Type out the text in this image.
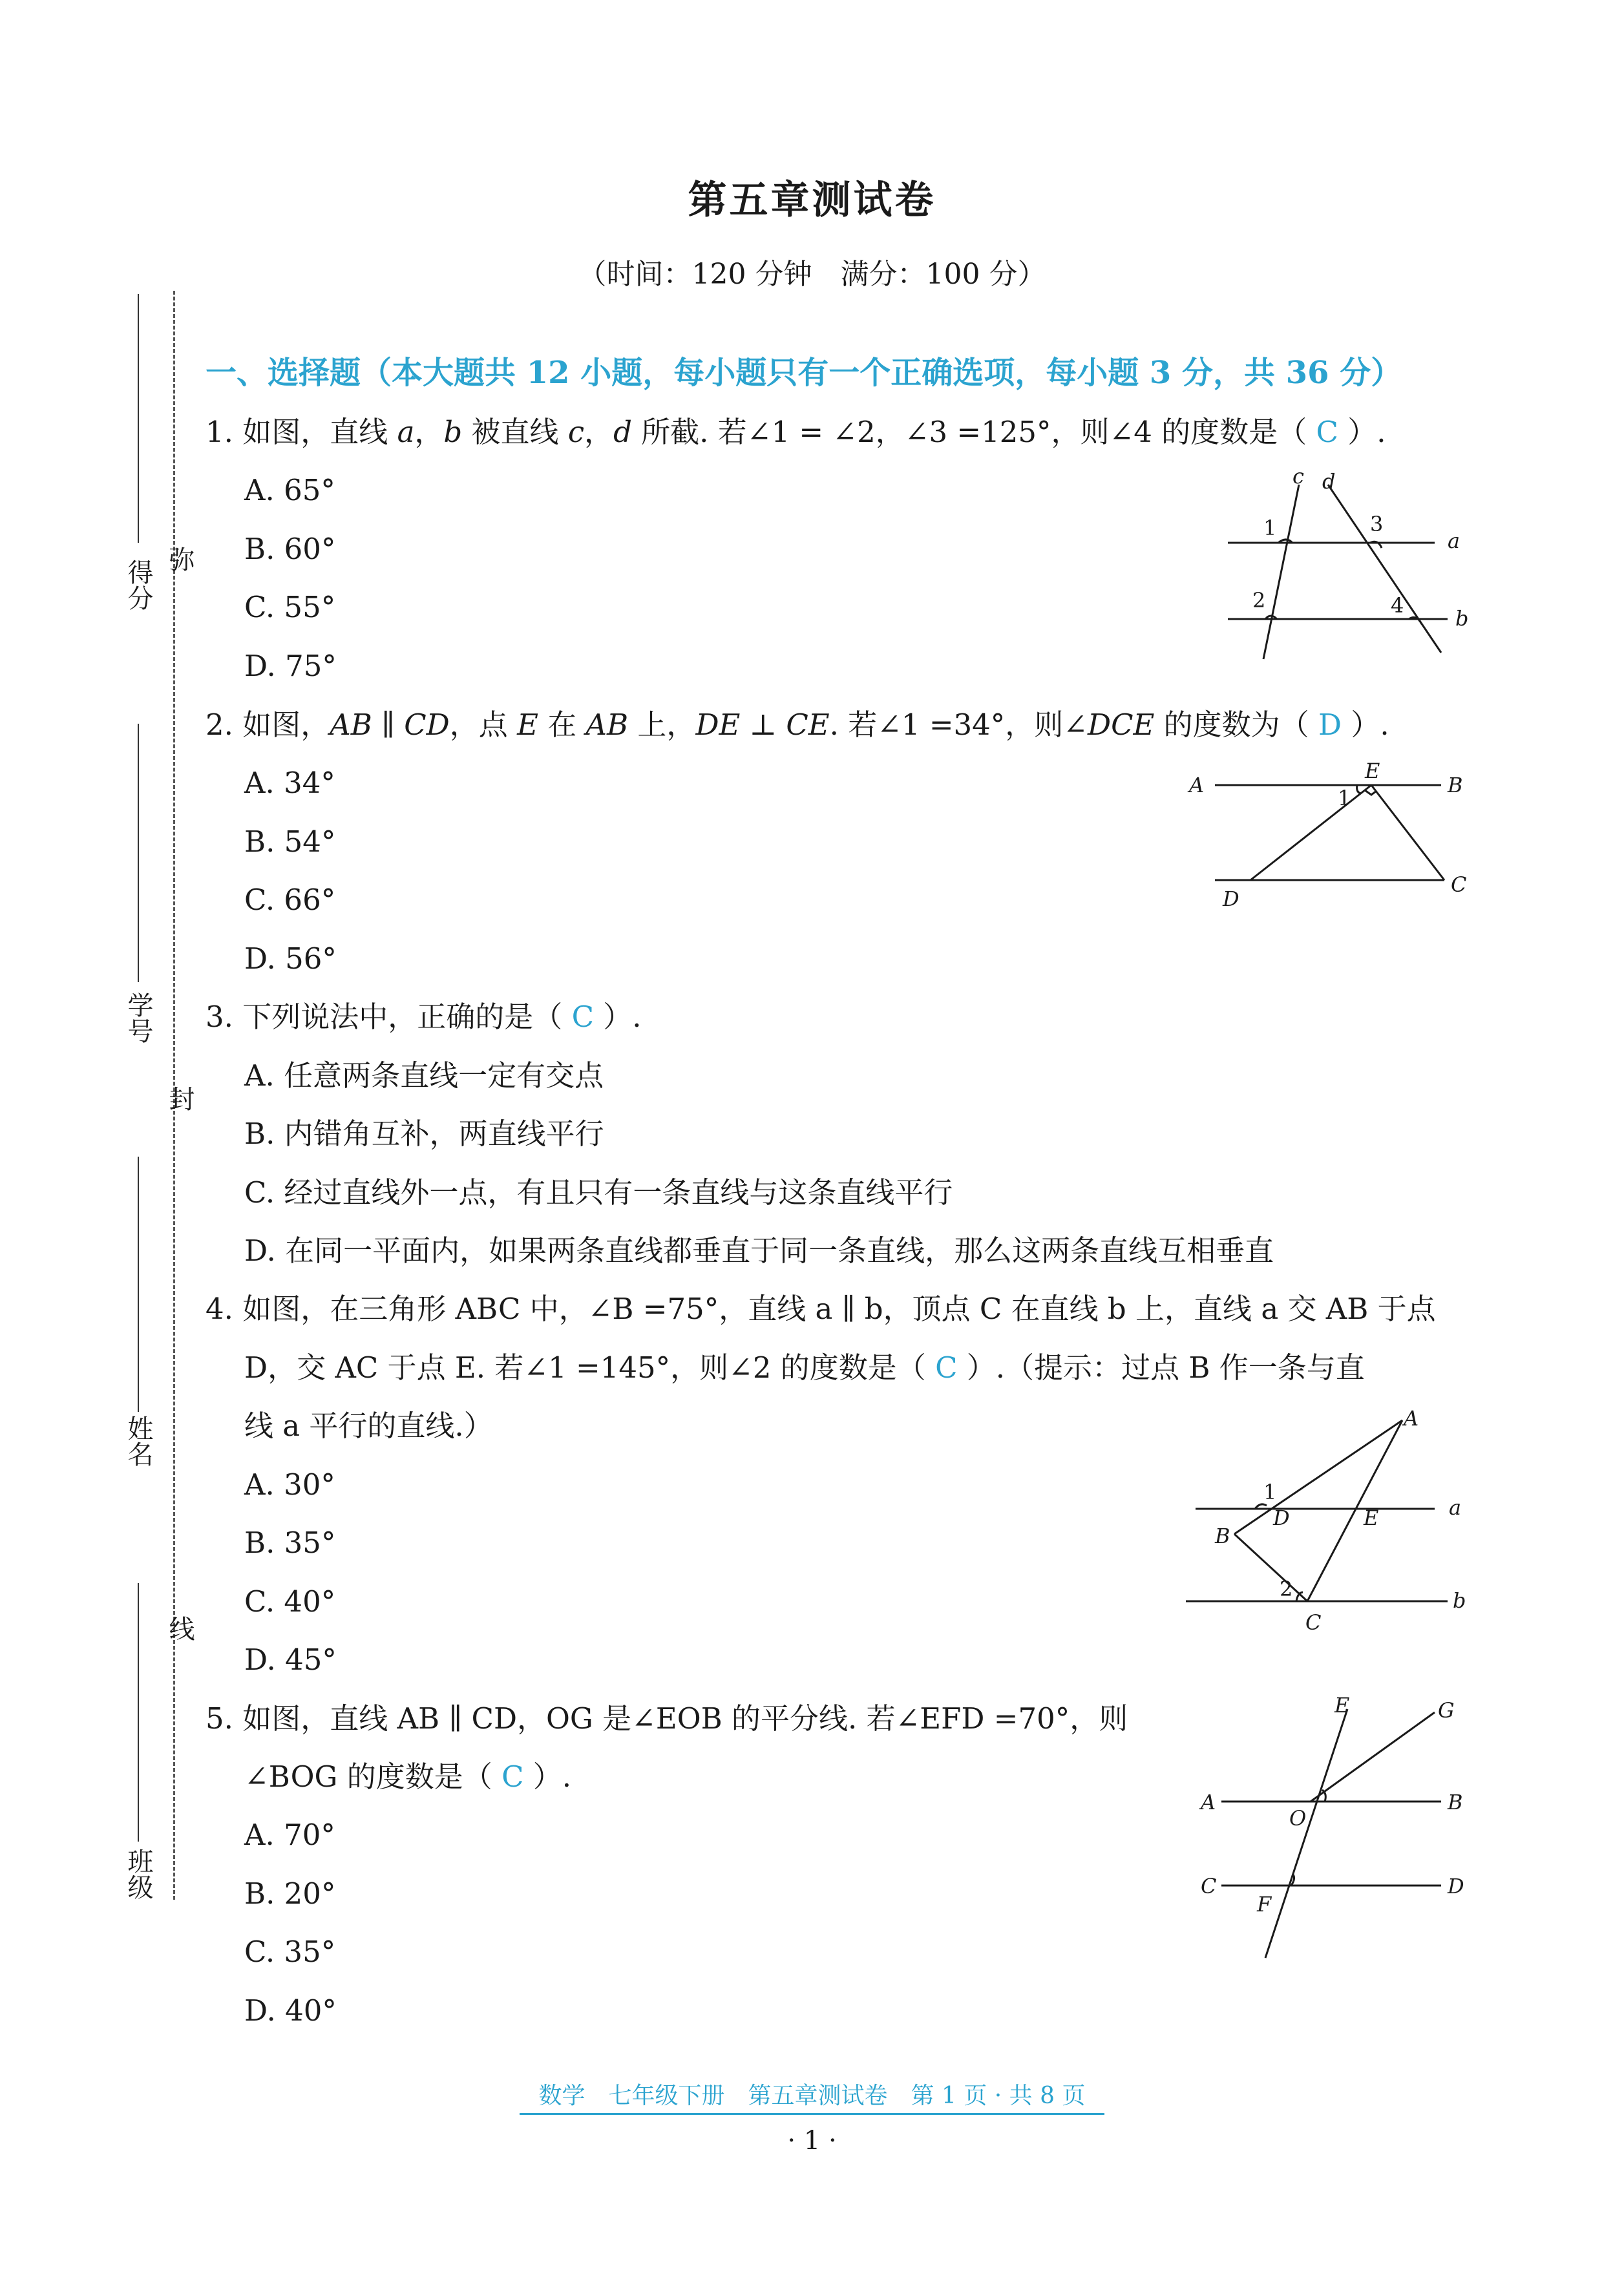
第五章测试卷
（时间：120 分钟　满分：100 分）
得分 弥
学号
封
姓名
线
班级
一、选择题（本大题共 12 小题，每小题只有一个正确选项，每小题 3 分，共 36 分）
1. 如图，直线 a，b 被直线 c，d 所截. 若∠1 = ∠2，∠3 =125°，则∠4 的度数是（ C ）.
A. 65°
B. 60°
C. 55°
D. 75°
c d
1	3
a
2	4
b
2. 如图，AB ∥ CD，点 E 在 AB 上，DE ⊥ CE. 若∠1 =34°，则∠DCE 的度数为（ D ）.
A. 34°
B. 54°
C. 66°
D. 56°
A
E
B
1
D
C
3. 下列说法中，正确的是（ C ）.
A. 任意两条直线一定有交点
B. 内错角互补，两直线平行
C. 经过直线外一点，有且只有一条直线与这条直线平行
D. 在同一平面内，如果两条直线都垂直于同一条直线，那么这两条直线互相垂直
4. 如图，在三角形 ABC 中，∠B =75°，直线 a ∥ b，顶点 C 在直线 b 上，直线 a 交 AB 于点
D，交 AC 于点 E. 若∠1 =145°，则∠2 的度数是（ C ）.（提示：过点 B 作一条与直
线 a 平行的直线.）
A. 30°
B. 35°
C. 40°
D. 45°
A
1
D	E	a
B
2	b
C
5. 如图，直线 AB ∥ CD，OG 是∠EOB 的平分线. 若∠EFD =70°，则
∠BOG 的度数是（ C ）.
A. 70°
B. 20°
C. 35°
D. 40°
E	G
A	B
O
C	D
F
数学　七年级下册　第五章测试卷　第 1 页 · 共 8 页
· 1 ·
